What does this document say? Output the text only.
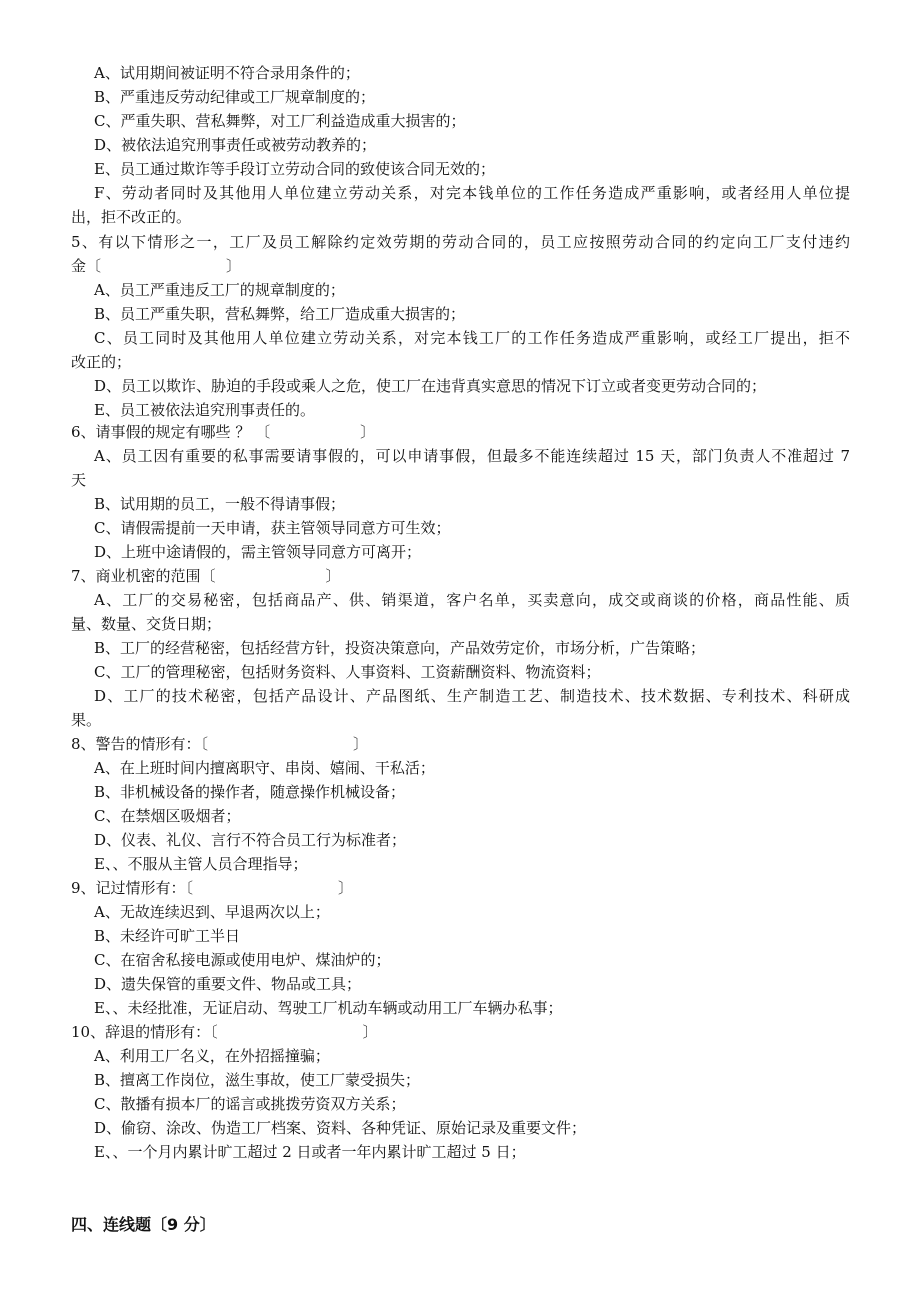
A、试用期间被证明不符合录用条件的；
B、严重违反劳动纪律或工厂规章制度的；
C、严重失职、营私舞弊，对工厂利益造成重大损害的；
D、被依法追究刑事责任或被劳动教养的；
E、员工通过欺诈等手段订立劳动合同的致使该合同无效的；
F、劳动者同时及其他用人单位建立劳动关系，对完本钱单位的工作任务造成严重影响，或者经用人单位提
出，拒不改正的。
5、有以下情形之一，工厂及员工解除约定效劳期的劳动合同的，员工应按照劳动合同的约定向工厂支付违约
金〔	〕
A、员工严重违反工厂的规章制度的；
B、员工严重失职，营私舞弊，给工厂造成重大损害的；
C、员工同时及其他用人单位建立劳动关系，对完本钱工厂的工作任务造成严重影响，或经工厂提出，拒不
改正的；
D、员工以欺诈、胁迫的手段或乘人之危，使工厂在违背真实意思的情况下订立或者变更劳动合同的；
E、员工被依法追究刑事责任的。
6、请事假的规定有哪些 ？ 〔	〕
A、员工因有重要的私事需要请事假的，可以申请事假，但最多不能连续超过 15 天，部门负责人不准超过 7
天
B、试用期的员工，一般不得请事假；
C、请假需提前一天申请，获主管领导同意方可生效；
D、上班中途请假的，需主管领导同意方可离开；
7、商业机密的范围〔	〕
A、工厂的交易秘密，包括商品产、供、销渠道，客户名单，买卖意向，成交或商谈的价格，商品性能、质
量、数量、交货日期；
B、工厂的经营秘密，包括经营方针，投资决策意向，产品效劳定价，市场分析，广告策略；
C、工厂的管理秘密，包括财务资料、人事资料、工资薪酬资料、物流资料；
D、工厂的技术秘密，包括产品设计、产品图纸、生产制造工艺、制造技术、技术数据、专利技术、科研成
果。
8、警告的情形有：〔	〕
A、在上班时间内擅离职守、串岗、嬉闹、干私活；
B、非机械设备的操作者，随意操作机械设备；
C、在禁烟区吸烟者；
D、仪表、礼仪、言行不符合员工行为标准者；
E、、不服从主管人员合理指导；
9、记过情形有：〔	〕
A、无故连续迟到、早退两次以上；
B、未经许可旷工半日
C、在宿舍私接电源或使用电炉、煤油炉的；
D、遗失保管的重要文件、物品或工具；
E、、未经批准，无证启动、驾驶工厂机动车辆或动用工厂车辆办私事；
10、辞退的情形有：〔	〕
A、利用工厂名义，在外招摇撞骗；
B、擅离工作岗位，滋生事故，使工厂蒙受损失；
C、散播有损本厂的谣言或挑拨劳资双方关系；
D、偷窃、涂改、伪造工厂档案、资料、各种凭证、原始记录及重要文件；
E、、一个月内累计旷工超过 2 日或者一年内累计旷工超过 5 日；
四、连线题〔9 分〕
